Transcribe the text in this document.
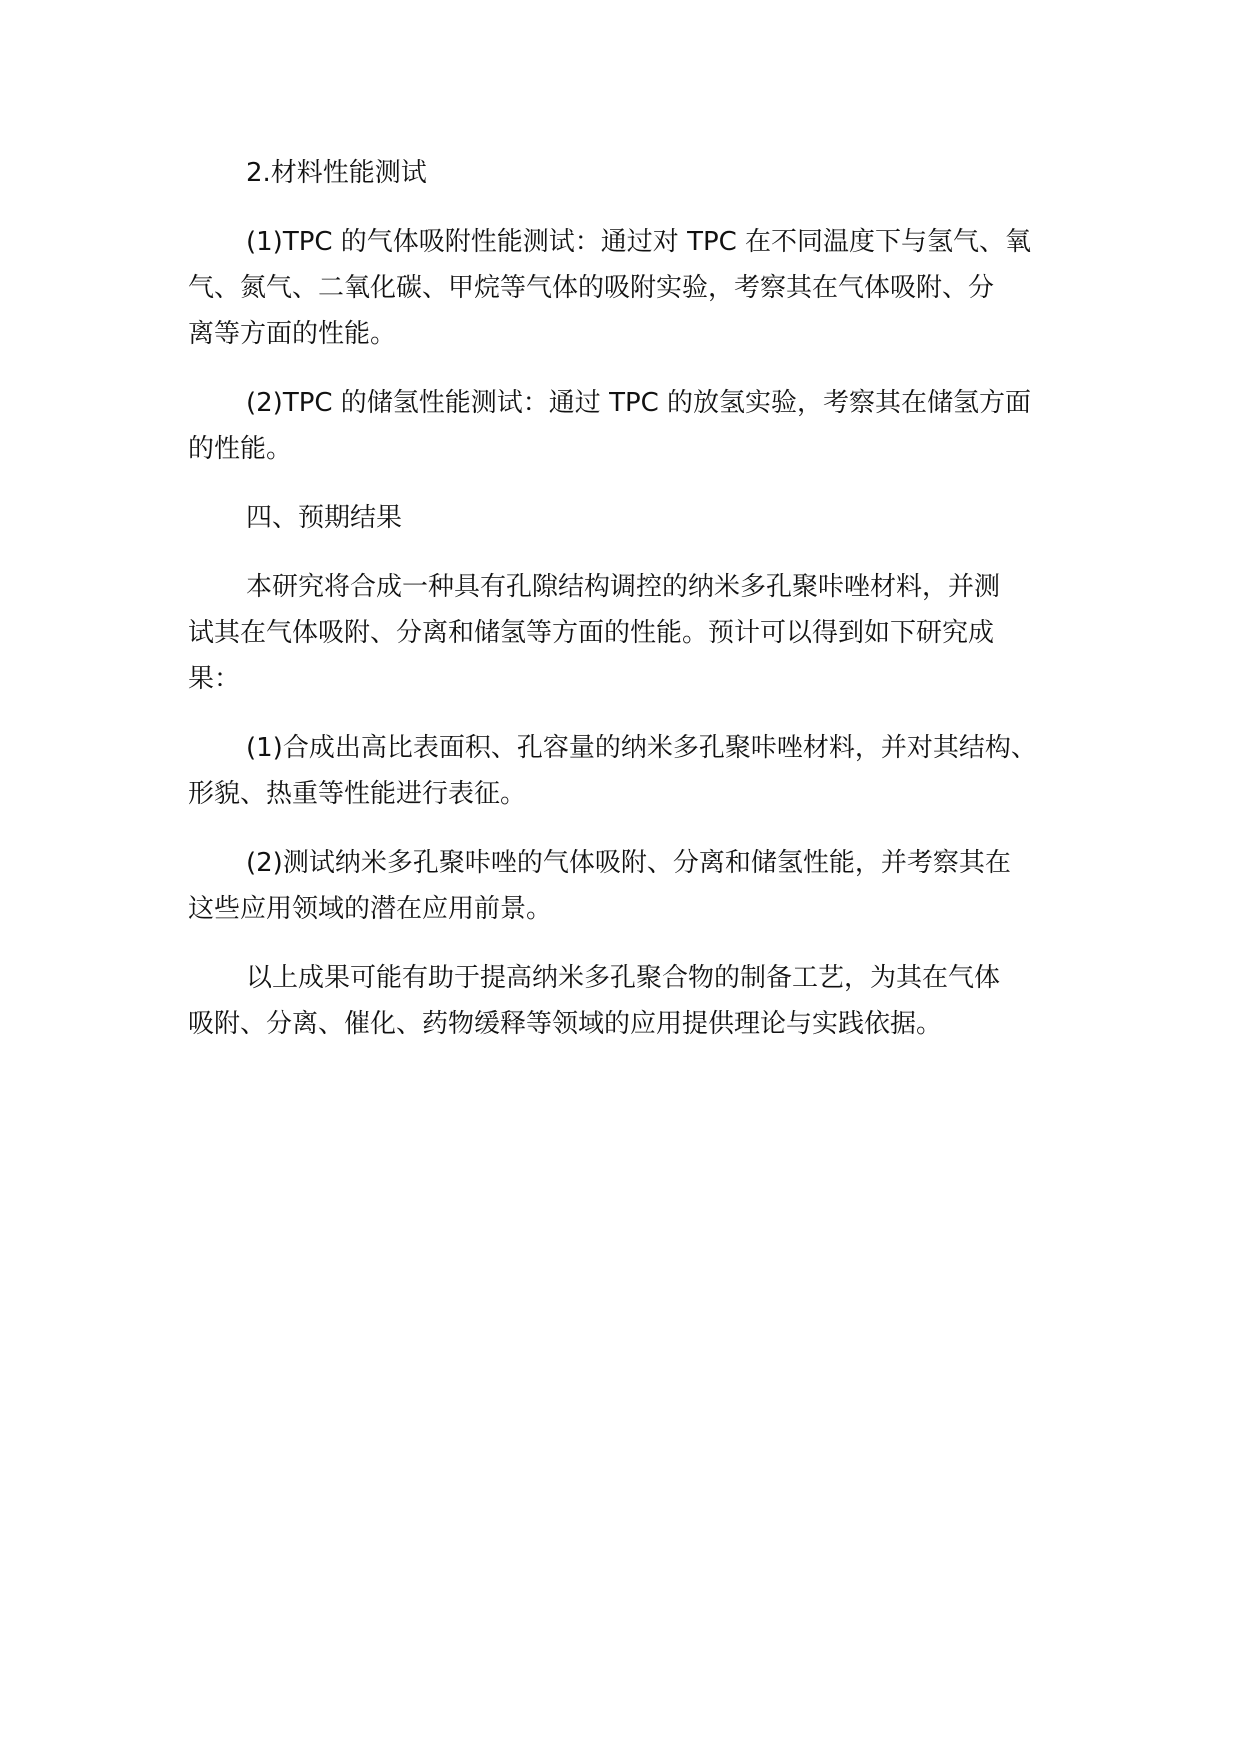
2.材料性能测试

(1)TPC 的气体吸附性能测试：通过对 TPC 在不同温度下与氢气、氧
气、氮气、二氧化碳、甲烷等气体的吸附实验，考察其在气体吸附、分
离等方面的性能。

(2)TPC 的储氢性能测试：通过 TPC 的放氢实验，考察其在储氢方面
的性能。

四、预期结果

本研究将合成一种具有孔隙结构调控的纳米多孔聚咔唑材料，并测
试其在气体吸附、分离和储氢等方面的性能。预计可以得到如下研究成
果：

(1)合成出高比表面积、孔容量的纳米多孔聚咔唑材料，并对其结构、
形貌、热重等性能进行表征。

(2)测试纳米多孔聚咔唑的气体吸附、分离和储氢性能，并考察其在
这些应用领域的潜在应用前景。

以上成果可能有助于提高纳米多孔聚合物的制备工艺，为其在气体
吸附、分离、催化、药物缓释等领域的应用提供理论与实践依据。
